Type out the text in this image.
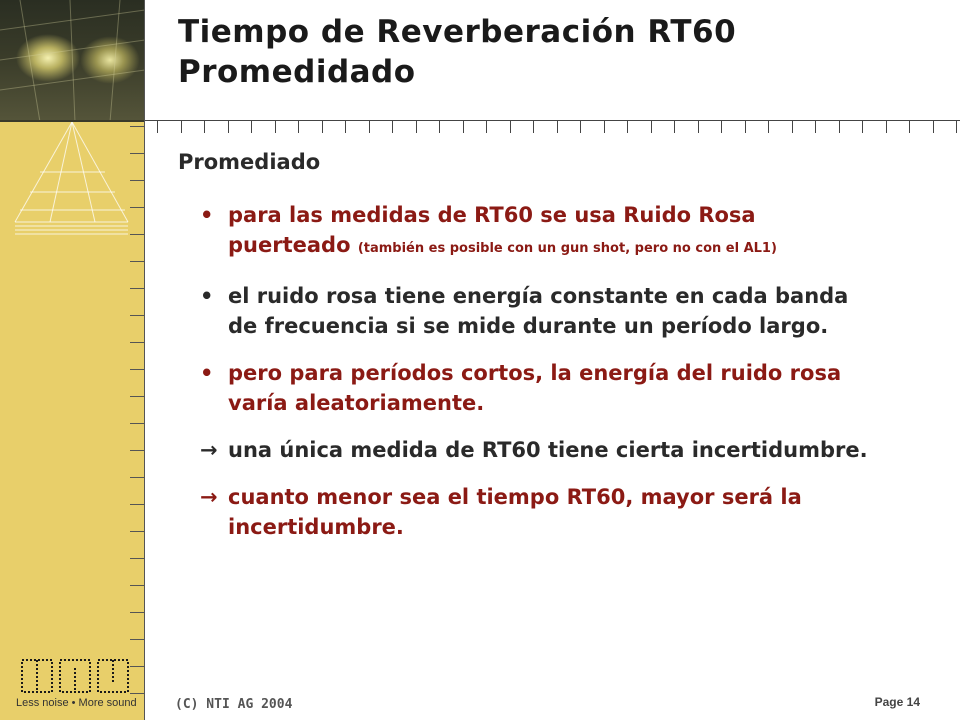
Less noise • More sound
Tiempo de Reverberación RT60
Promedidado
Promediado
• para las medidas de RT60 se usa Ruido Rosa puerteado (también es posible con un gun shot, pero no con el AL1)
• el ruido rosa tiene energía constante en cada banda de frecuencia si se mide durante un período largo.
• pero para períodos cortos, la energía del ruido rosa varía aleatoriamente.
→ una única medida de RT60 tiene cierta incertidumbre.
→ cuanto menor sea el tiempo RT60, mayor será la incertidumbre.
(C) NTI AG 2004	Page 14
